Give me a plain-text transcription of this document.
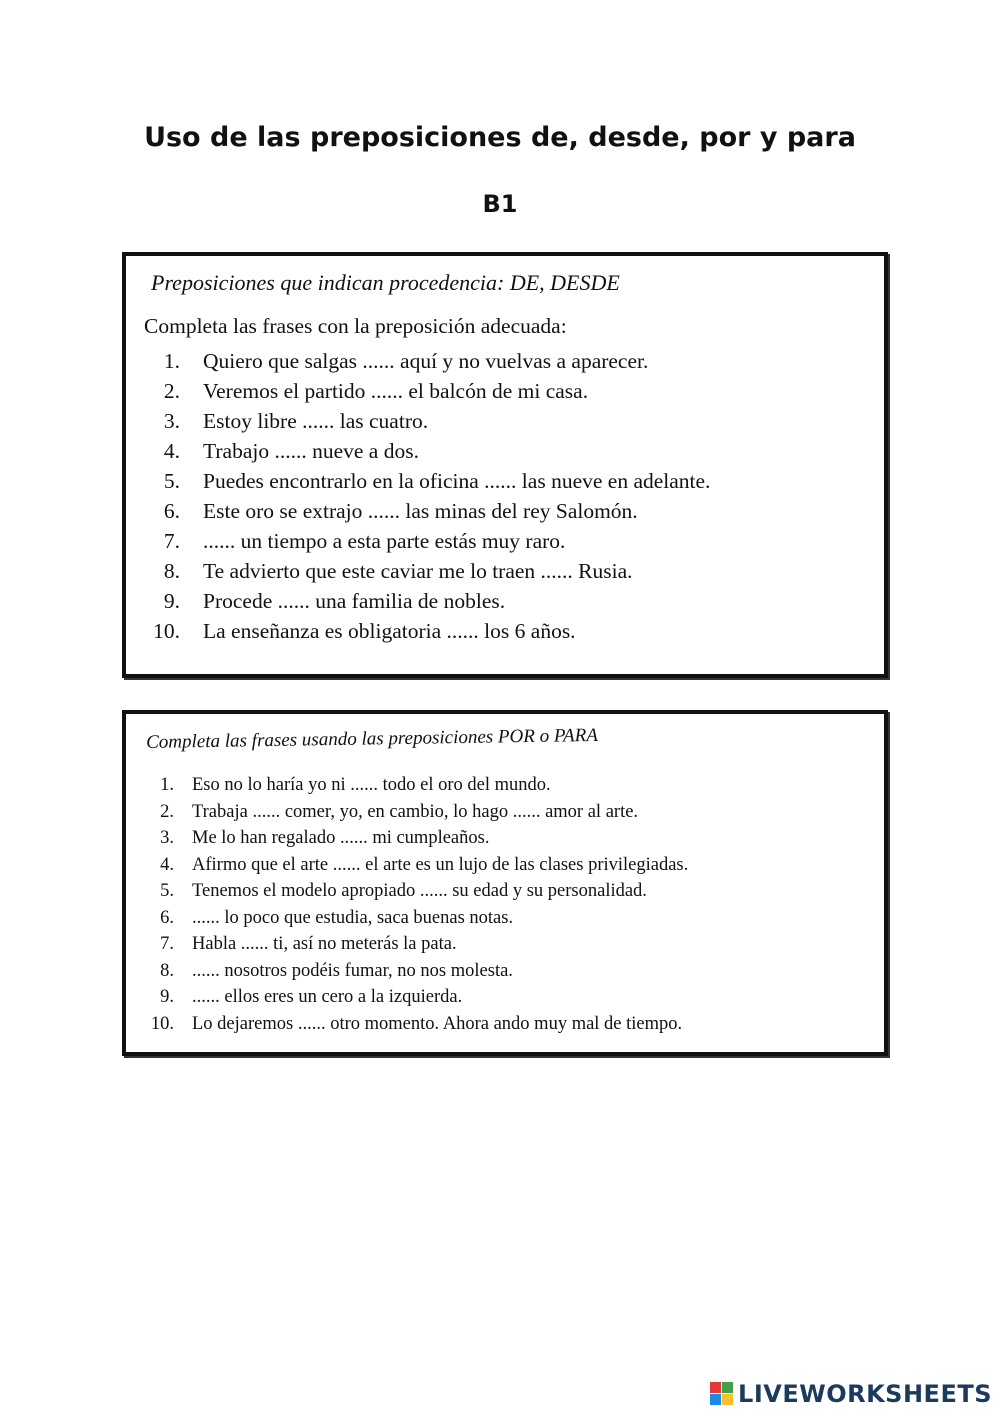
Uso de las preposiciones de, desde, por y para
B1
Preposiciones que indican procedencia: DE, DESDE
Completa las frases con la preposición adecuada:
1. Quiero que salgas ...... aquí y no vuelvas a aparecer.
2. Veremos el partido ...... el balcón de mi casa.
3. Estoy libre ...... las cuatro.
4. Trabajo ...... nueve a dos.
5. Puedes encontrarlo en la oficina ...... las nueve en adelante.
6. Este oro se extrajo ...... las minas del rey Salomón.
7. ...... un tiempo a esta parte estás muy raro.
8. Te advierto que este caviar me lo traen ...... Rusia.
9. Procede ...... una familia de nobles.
10. La enseñanza es obligatoria ...... los 6 años.
Completa las frases usando las preposiciones POR o PARA
1. Eso no lo haría yo ni ...... todo el oro del mundo.
2. Trabaja ...... comer, yo, en cambio, lo hago ...... amor al arte.
3. Me lo han regalado ...... mi cumpleaños.
4. Afirmo que el arte ...... el arte es un lujo de las clases privilegiadas.
5. Tenemos el modelo apropiado ...... su edad y su personalidad.
6. ...... lo poco que estudia, saca buenas notas.
7. Habla ...... ti, así no meterás la pata.
8. ...... nosotros podéis fumar, no nos molesta.
9. ...... ellos eres un cero a la izquierda.
10. Lo dejaremos ...... otro momento. Ahora ando muy mal de tiempo.
LIVEWORKSHEETS
